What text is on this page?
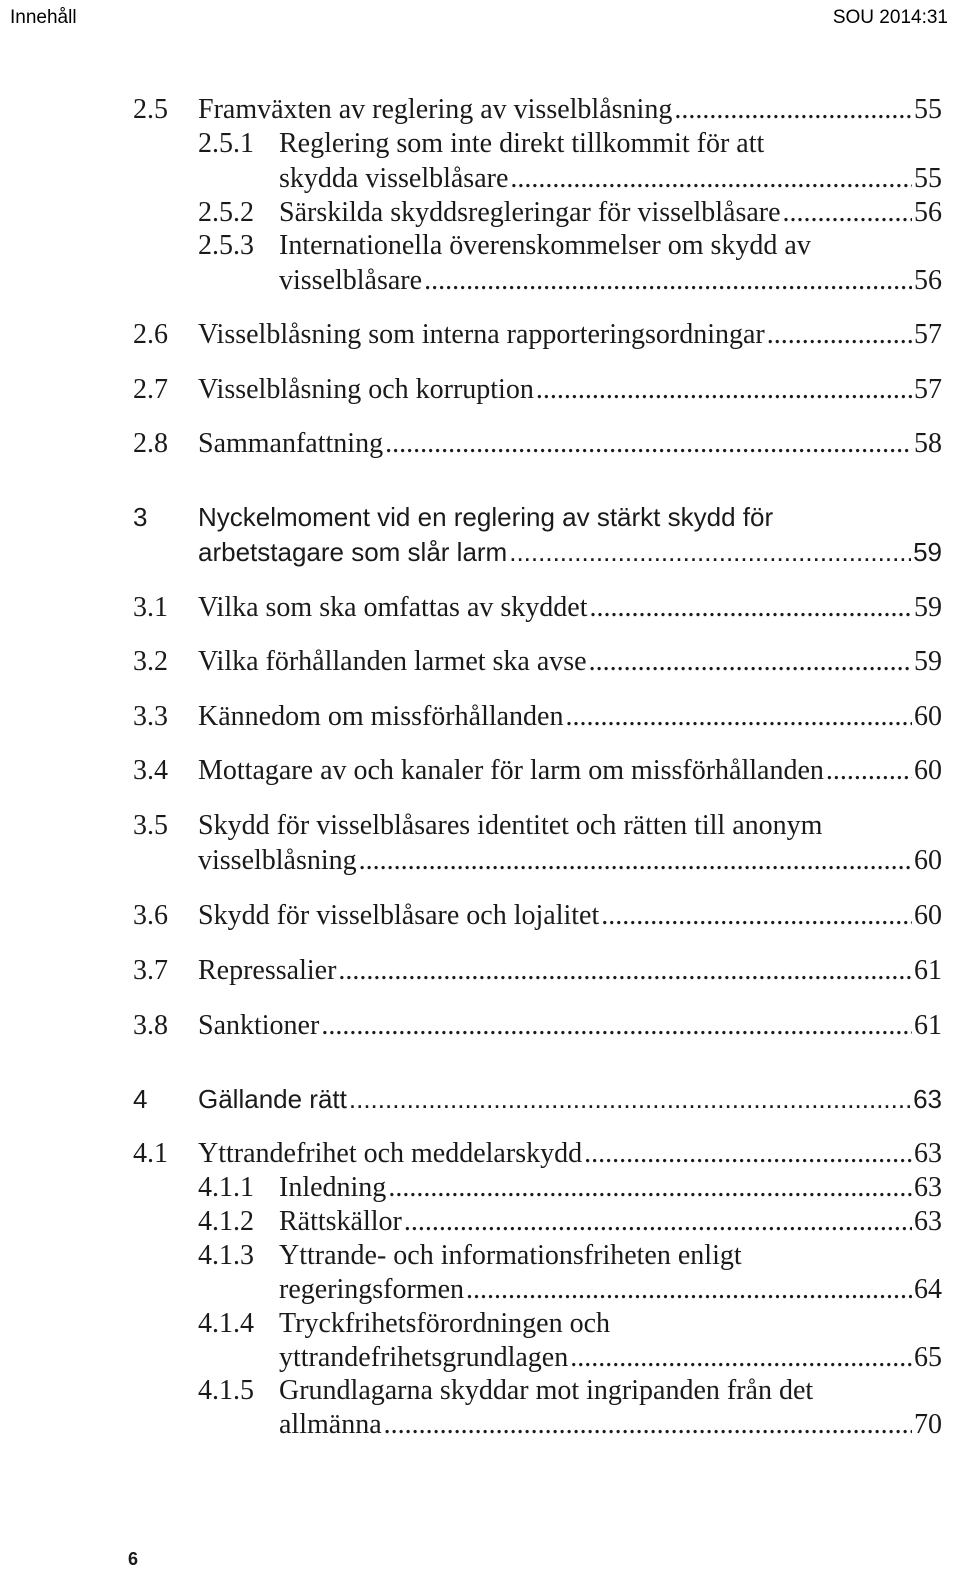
Innehåll	SOU 2014:31
2.5 Framväxten av reglering av visselblåsning .....	55
2.5.1 Reglering som inte direkt tillkommit för att
skydda visselblåsare .....	55
2.5.2 Särskilda skyddsregleringar för visselblåsare .....	56
2.5.3 Internationella överenskommelser om skydd av
visselblåsare .....	56
2.6 Visselblåsning som interna rapporteringsordningar .....	57
2.7 Visselblåsning och korruption .....	57
2.8 Sammanfattning .....	58
3 Nyckelmoment vid en reglering av stärkt skydd för
arbetstagare som slår larm .....	59
3.1 Vilka som ska omfattas av skyddet .....	59
3.2 Vilka förhållanden larmet ska avse .....	59
3.3 Kännedom om missförhållanden .....	60
3.4 Mottagare av och kanaler för larm om missförhållanden .....	60
3.5 Skydd för visselblåsares identitet och rätten till anonym
visselblåsning .....	60
3.6 Skydd för visselblåsare och lojalitet .....	60
3.7 Repressalier .....	61
3.8 Sanktioner .....	61
4 Gällande rätt .....	63
4.1 Yttrandefrihet och meddelarskydd .....	63
4.1.1 Inledning .....	63
4.1.2 Rättskällor .....	63
4.1.3 Yttrande- och informationsfriheten enligt
regeringsformen .....	64
4.1.4 Tryckfrihetsförordningen och
yttrandefrihetsgrundlagen .....	65
4.1.5 Grundlagarna skyddar mot ingripanden från det
allmänna .....	70
6
